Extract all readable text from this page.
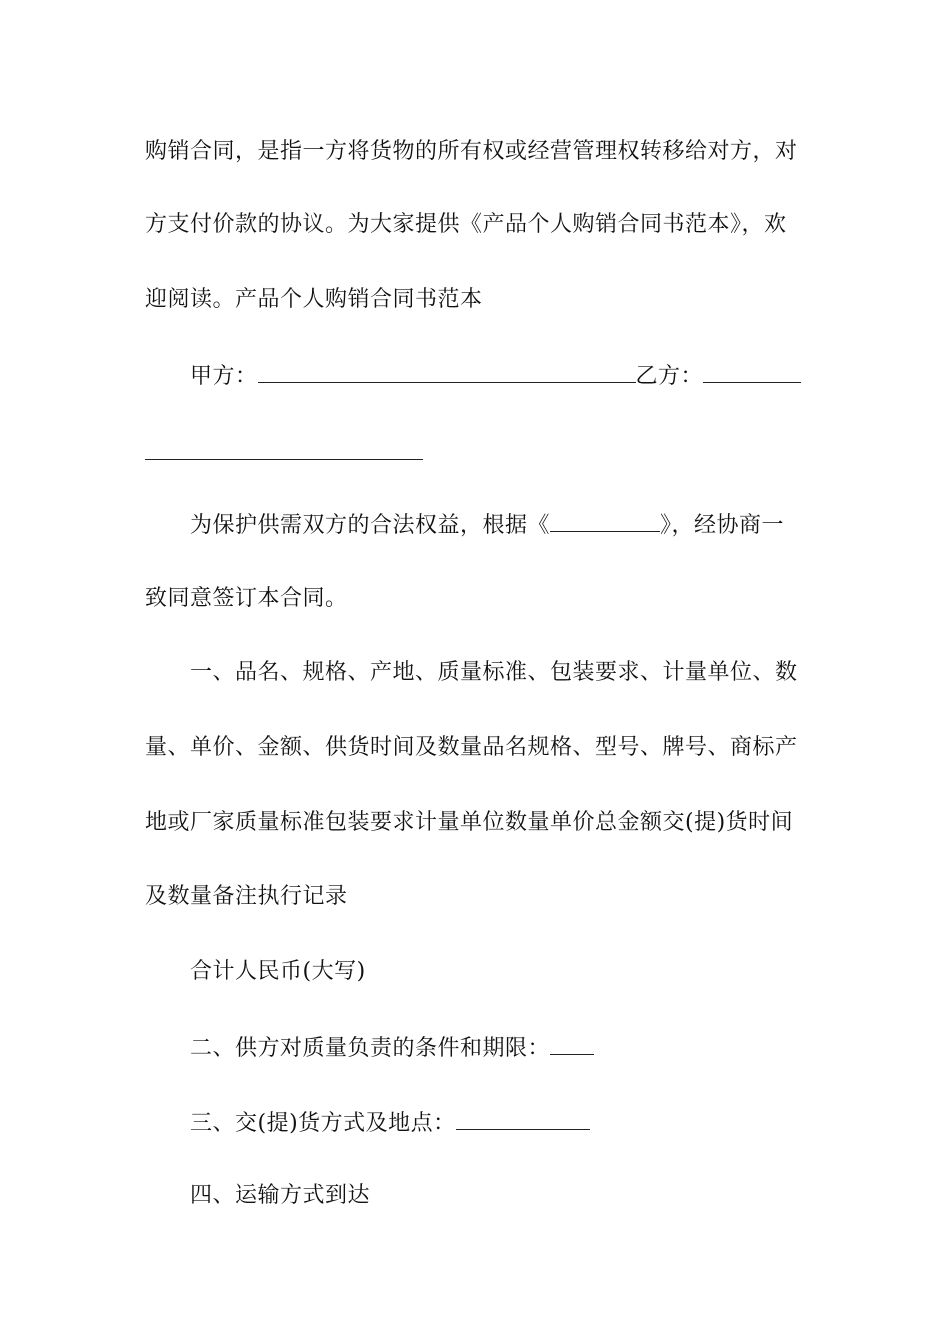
购销合同，是指一方将货物的所有权或经营管理权转移给对方，对
方支付价款的协议。为大家提供《产品个人购销合同书范本》，欢
迎阅读。产品个人购销合同书范本
甲方：	乙方：
为保护供需双方的合法权益，根据《	》，经协商一
致同意签订本合同。
一、品名、规格、产地、质量标准、包装要求、计量单位、数
量、单价、金额、供货时间及数量品名规格、型号、牌号、商标产
地或厂家质量标准包装要求计量单位数量单价总金额交(提)货时间
及数量备注执行记录
合计人民币(大写)
二、供方对质量负责的条件和期限：
三、交(提)货方式及地点：
四、运输方式到达
